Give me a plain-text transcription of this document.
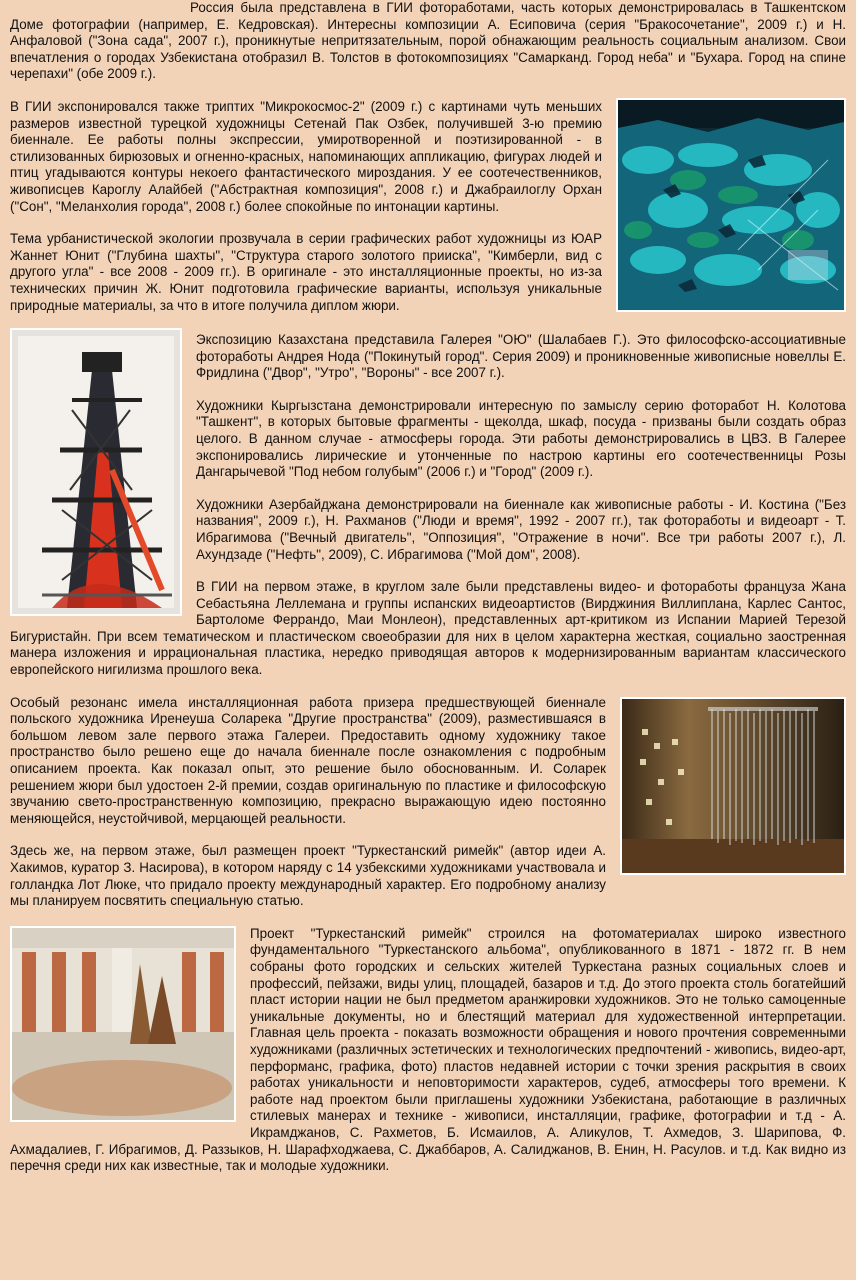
Россия была представлена в ГИИ фотоработами, часть которых демонстрировалась в Ташкентском Доме фотографии (например, Е. Кедровская). Интересны композиции А. Есиповича (серия "Бракосочетание", 2009 г.) и Н. Анфаловой ("Зона сада", 2007 г.), проникнутые непритязательным, порой обнажающим реальность социальным анализом. Свои впечатления о городах Узбекистана отобразил В. Толстов в фотокомпозициях "Самарканд. Город неба" и "Бухара. Город на спине черепахи" (обе 2009 г.).

В ГИИ экспонировался также триптих "Микрокосмос-2" (2009 г.) с картинами чуть меньших размеров известной турецкой художницы Сетенай Пак Озбек, получившей 3-ю премию биеннале. Ее работы полны экспрессии, умиротворенной и поэтизированной - в стилизованных бирюзовых и огненно-красных, напоминающих аппликацию, фигурах людей и птиц угадываются контуры некоего фантастического мироздания. У ее соотечественников, живописцев Кароглу Алайбей ("Абстрактная композиция", 2008 г.) и Джабраилоглу Орхан ("Сон", "Меланхолия города", 2008 г.) более спокойные по интонации картины.

Тема урбанистической экологии прозвучала в серии графических работ художницы из ЮАР Жаннет Юнит ("Глубина шахты", "Структура старого золотого прииска", "Кимберли, вид с другого угла" - все 2008 - 2009 гг.). В оригинале - это инсталляционные проекты, но из-за технических причин Ж. Юнит подготовила графические варианты, используя уникальные природные материалы, за что в итоге получила диплом жюри.

Экспозицию Казахстана представила Галерея "ОЮ" (Шалабаев Г.). Это философско-ассоциативные фотоработы Андрея Нода ("Покинутый город". Серия 2009) и проникновенные живописные новеллы Е. Фридлина ("Двор", "Утро", "Вороны" - все 2007 г.).

Художники Кыргызстана демонстрировали интересную по замыслу серию фоторабот Н. Колотова "Ташкент", в которых бытовые фрагменты - щеколда, шкаф, посуда - призваны были создать образ целого. В данном случае - атмосферы города. Эти работы демонстрировались в ЦВЗ. В Галерее экспонировались лирические и утонченные по настрою картины его соотечественницы Розы Дангарычевой "Под небом голубым" (2006 г.) и "Город" (2009 г.).

Художники Азербайджана демонстрировали на биеннале как живописные работы - И. Костина ("Без названия", 2009 г.), Н. Рахманов ("Люди и время", 1992 - 2007 гг.), так фотоработы и видеоарт - Т. Ибрагимова ("Вечный двигатель", "Оппозиция", "Отражение в ночи". Все три работы 2007 г.), Л. Ахундзаде ("Нефть", 2009), С. Ибрагимова ("Мой дом", 2008).

В ГИИ на первом этаже, в круглом зале были представлены видео- и фотоработы француза Жана Себастьяна Леллемана и группы испанских видеоартистов (Вирджиния Виллиплана, Карлес Сантос, Бартоломе Феррандо, Маи Монлеон), представленных арт-критиком из Испании Марией Терезой Бигуристайн. При всем тематическом и пластическом своеобразии для них в целом характерна жесткая, социально заостренная манера изложения и иррациональная пластика, нередко приводящая авторов к модернизированным вариантам классического европейского нигилизма прошлого века.

Особый резонанс имела инсталляционная работа призера предшествующей биеннале польского художника Иренеуша Соларека "Другие пространства" (2009), разместившаяся в большом левом зале первого этажа Галереи. Предоставить одному художнику такое пространство было решено еще до начала биеннале после ознакомления с подробным описанием проекта. Как показал опыт, это решение было обоснованным. И. Соларек решением жюри был удостоен 2-й премии, создав оригинальную по пластике и философскую звучанию свето-пространственную композицию, прекрасно выражающую идею постоянно меняющейся, неустойчивой, мерцающей реальности.

Здесь же, на первом этаже, был размещен проект "Туркестанский римейк" (автор идеи А. Хакимов, куратор З. Насирова), в котором наряду с 14 узбекскими художниками участвовала и голландка Лот Люке, что придало проекту международный характер. Его подробному анализу мы планируем посвятить специальную статью.

Проект "Туркестанский римейк" строился на фотоматериалах широко известного фундаментального "Туркестанского альбома", опубликованного в 1871 - 1872 гг. В нем собраны фото городских и сельских жителей Туркестана разных социальных слоев и профессий, пейзажи, виды улиц, площадей, базаров и т.д. До этого проекта столь богатейший пласт истории нации не был предметом аранжировки художников. Это не только самоценные уникальные документы, но и блестящий материал для художественной интерпретации. Главная цель проекта - показать возможности обращения и нового прочтения современными художниками (различных эстетических и технологических предпочтений - живопись, видео-арт, перформанс, графика, фото) пластов недавней истории с точки зрения раскрытия в своих работах уникальности и неповторимости характеров, судеб, атмосферы того времени. К работе над проектом были приглашены художники Узбекистана, работающие в различных стилевых манерах и технике - живописи, инсталляции, графике, фотографии и т.д - А. Икрамджанов, С. Рахметов, Б. Исмаилов, А. Аликулов, Т. Ахмедов, З. Шарипова, Ф. Ахмадалиев, Г. Ибрагимов, Д. Раззыков, Н. Шарафходжаева, С. Джаббаров, А. Салиджанов, В. Енин, Н. Расулов. и т.д. Как видно из перечня среди них как известные, так и молодые художники.
